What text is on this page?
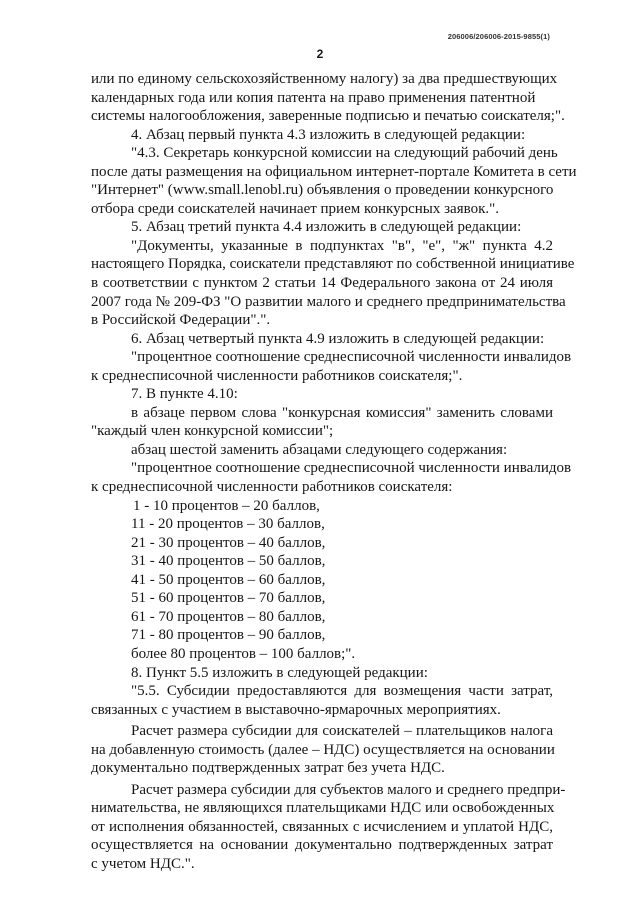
206006/206006-2015-9855(1)
2
или по единому сельскохозяйственному налогу) за два предшествующих
календарных года или копия патента на право применения патентной
системы налогообложения, заверенные подписью и печатью соискателя;".
4. Абзац первый пункта 4.3 изложить в следующей редакции:
"4.3. Секретарь конкурсной комиссии на следующий рабочий день
после даты размещения на официальном интернет-портале Комитета в сети
"Интернет" (www.small.lenobl.ru) объявления о проведении конкурсного
отбора среди соискателей начинает прием конкурсных заявок.".
5. Абзац третий пункта 4.4 изложить в следующей редакции:
"Документы, указанные в подпунктах "в", "е", "ж" пункта 4.2
настоящего Порядка, соискатели представляют по собственной инициативе
в соответствии с пунктом 2 статьи 14 Федерального закона от 24 июля
2007 года № 209-ФЗ "О развитии малого и среднего предпринимательства
в Российской Федерации".".
6. Абзац четвертый пункта 4.9 изложить в следующей редакции:
"процентное соотношение среднесписочной численности инвалидов
к среднесписочной численности работников соискателя;".
7. В пункте 4.10:
в абзаце первом слова "конкурсная комиссия" заменить словами
"каждый член конкурсной комиссии";
абзац шестой заменить абзацами следующего содержания:
"процентное соотношение среднесписочной численности инвалидов
к среднесписочной численности работников соискателя:
1 - 10 процентов – 20 баллов,
11 - 20 процентов – 30 баллов,
21 - 30 процентов – 40 баллов,
31 - 40 процентов – 50 баллов,
41 - 50 процентов – 60 баллов,
51 - 60 процентов – 70 баллов,
61 - 70 процентов – 80 баллов,
71 - 80 процентов – 90 баллов,
более 80 процентов – 100 баллов;".
8. Пункт 5.5 изложить в следующей редакции:
"5.5. Субсидии предоставляются для возмещения части затрат,
связанных с участием в выставочно-ярмарочных мероприятиях.
Расчет размера субсидии для соискателей – плательщиков налога
на добавленную стоимость (далее – НДС) осуществляется на основании
документально подтвержденных затрат без учета НДС.
Расчет размера субсидии для субъектов малого и среднего предпри-
нимательства, не являющихся плательщиками НДС или освобожденных
от исполнения обязанностей, связанных с исчислением и уплатой НДС,
осуществляется на основании документально подтвержденных затрат
с учетом НДС.".
